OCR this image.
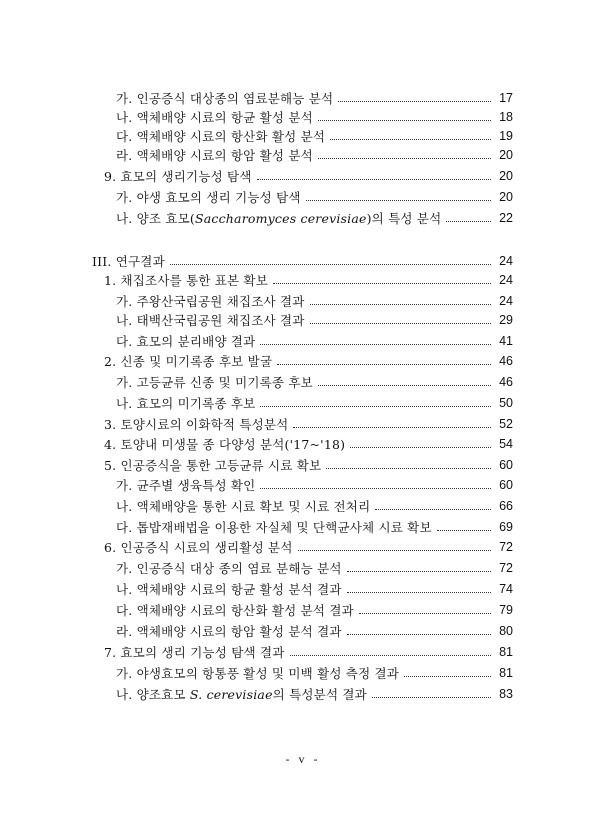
가. 인공증식 대상종의 염료분해능 분석	17
나. 액체배양 시료의 항균 활성 분석	18
다. 액체배양 시료의 항산화 활성 분석	19
라. 액체배양 시료의 항암 활성 분석	20
9. 효모의 생리기능성 탐색	20
가. 야생 효모의 생리 기능성 탐색	20
나. 양조 효모(Saccharomyces cerevisiae)의 특성 분석	22
III. 연구결과	24
1. 채집조사를 통한 표본 확보	24
가. 주왕산국립공원 채집조사 결과	24
나. 태백산국립공원 채집조사 결과	29
다. 효모의 분리배양 결과	41
2. 신종 및 미기록종 후보 발굴	46
가. 고등균류 신종 및 미기록종 후보	46
나. 효모의 미기록종 후보	50
3. 토양시료의 이화학적 특성분석	52
4. 토양내 미생물 종 다양성 분석('17~'18)	54
5. 인공증식을 통한 고등균류 시료 확보	60
가. 균주별 생육특성 확인	60
나. 액체배양을 통한 시료 확보 및 시료 전처리	66
다. 톱밥재배법을 이용한 자실체 및 단핵균사체 시료 확보	69
6. 인공증식 시료의 생리활성 분석	72
가. 인공증식 대상 종의 염료 분해능 분석	72
나. 액체배양 시료의 항균 활성 분석 결과	74
다. 액체배양 시료의 항산화 활성 분석 결과	79
라. 액체배양 시료의 항암 활성 분석 결과	80
7. 효모의 생리 기능성 탐색 결과	81
가. 야생효모의 항통풍 활성 및 미백 활성 측정 결과	81
나. 양조효모 S. cerevisiae의 특성분석 결과	83
- v -
